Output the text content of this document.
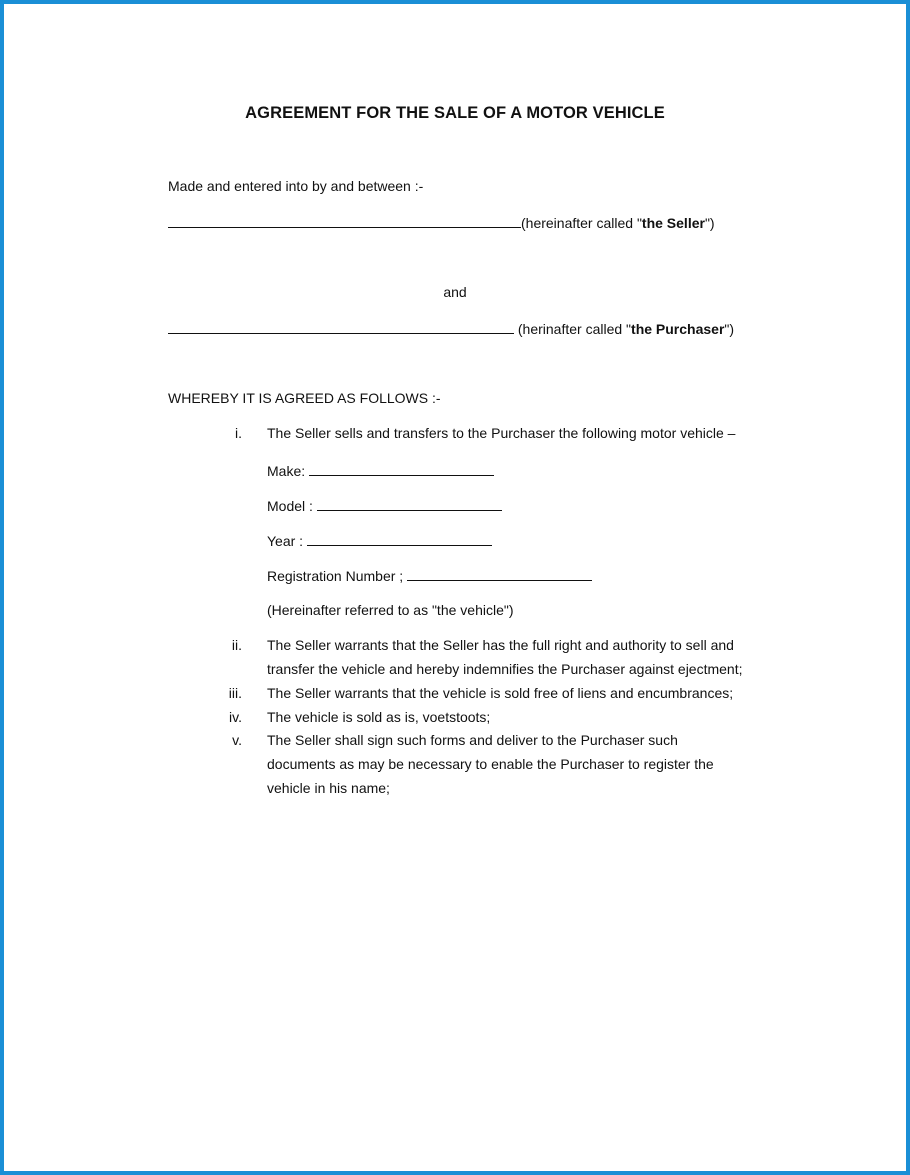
AGREEMENT FOR THE SALE OF A MOTOR VEHICLE
Made and entered into by and between :-
(hereinafter called "the Seller")
and
(herinafter called "the Purchaser")
WHEREBY IT IS AGREED AS FOLLOWS :-
i. The Seller sells and transfers to the Purchaser the following motor vehicle –
Make:
Model :
Year :
Registration Number ;
(Hereinafter referred to as "the vehicle")
ii. The Seller warrants that the Seller has the full right and authority to sell and transfer the vehicle and hereby indemnifies the Purchaser against ejectment;
iii. The Seller warrants that the vehicle is sold free of liens and encumbrances;
iv. The vehicle is sold as is, voetstoots;
v. The Seller shall sign such forms and deliver to the Purchaser such documents as may be necessary to enable the Purchaser to register the vehicle in his name;
